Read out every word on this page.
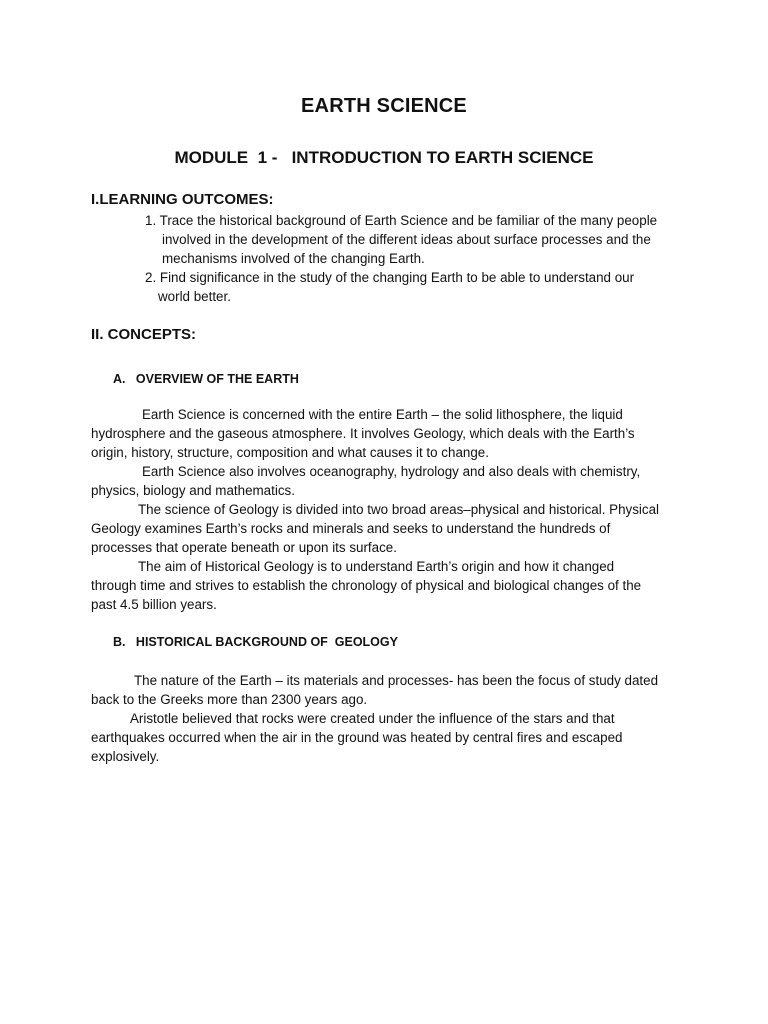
EARTH SCIENCE
MODULE  1 -   INTRODUCTION TO EARTH SCIENCE
I.LEARNING OUTCOMES:
1. Trace the historical background of Earth Science and be familiar of the many people
involved in the development of the different ideas about surface processes and the
mechanisms involved of the changing Earth.
2. Find significance in the study of the changing Earth to be able to understand our
world better.
II. CONCEPTS:
A.   OVERVIEW OF THE EARTH
Earth Science is concerned with the entire Earth – the solid lithosphere, the liquid
hydrosphere and the gaseous atmosphere. It involves Geology, which deals with the Earth’s
origin, history, structure, composition and what causes it to change.
Earth Science also involves oceanography, hydrology and also deals with chemistry,
physics, biology and mathematics.
The science of Geology is divided into two broad areas–physical and historical. Physical
Geology examines Earth’s rocks and minerals and seeks to understand the hundreds of
processes that operate beneath or upon its surface.
The aim of Historical Geology is to understand Earth’s origin and how it changed
through time and strives to establish the chronology of physical and biological changes of the
past 4.5 billion years.
B.   HISTORICAL BACKGROUND OF  GEOLOGY
The nature of the Earth – its materials and processes- has been the focus of study dated
back to the Greeks more than 2300 years ago.
Aristotle believed that rocks were created under the influence of the stars and that
earthquakes occurred when the air in the ground was heated by central fires and escaped
explosively.
